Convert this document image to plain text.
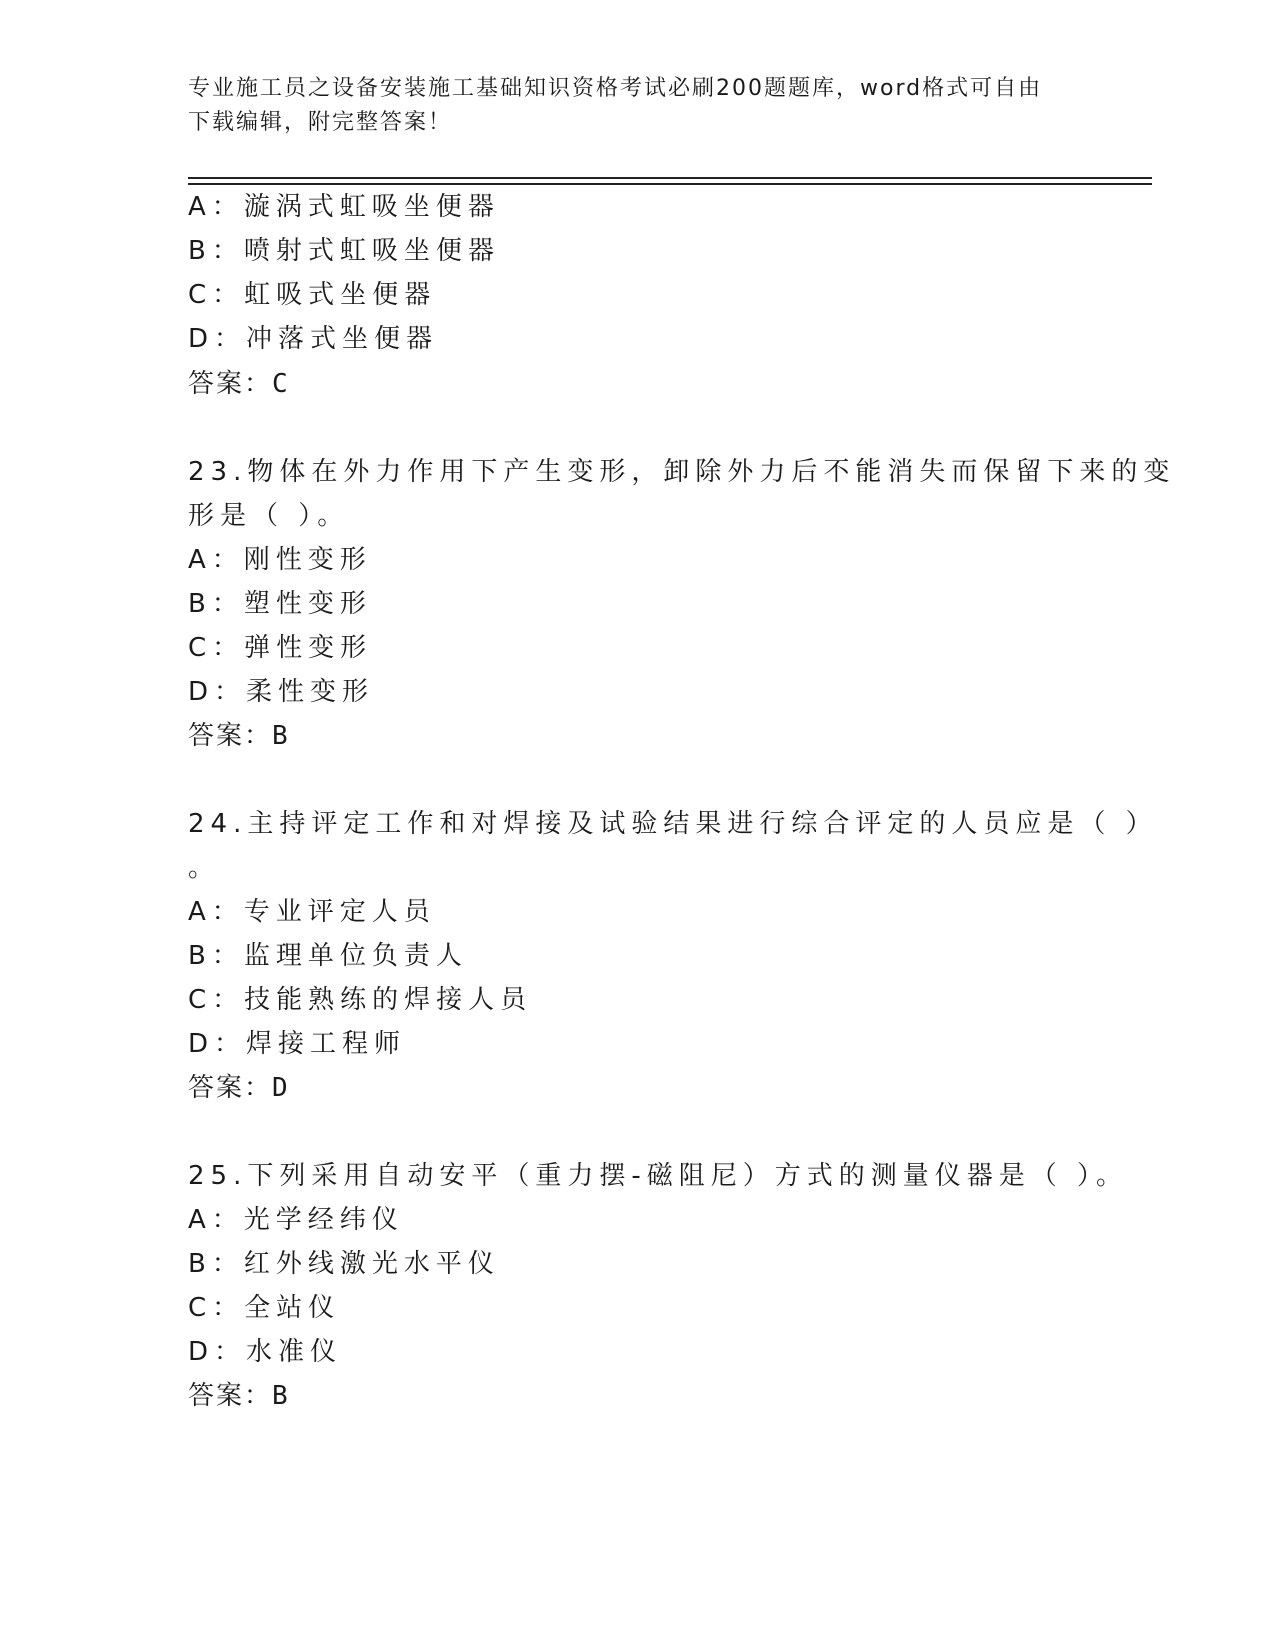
专业施工员之设备安装施工基础知识资格考试必刷200题题库，word格式可自由
下载编辑，附完整答案！
A：漩涡式虹吸坐便器
B：喷射式虹吸坐便器
C：虹吸式坐便器
D：冲落式坐便器
答案：C
23.物体在外力作用下产生变形，卸除外力后不能消失而保留下来的变
形是（ ）。
A：刚性变形
B：塑性变形
C：弹性变形
D：柔性变形
答案：B
24.主持评定工作和对焊接及试验结果进行综合评定的人员应是（ ）
。
A：专业评定人员
B：监理单位负责人
C：技能熟练的焊接人员
D：焊接工程师
答案：D
25.下列采用自动安平（重力摆-磁阻尼）方式的测量仪器是（ ）。
A：光学经纬仪
B：红外线激光水平仪
C：全站仪
D：水准仪
答案：B
